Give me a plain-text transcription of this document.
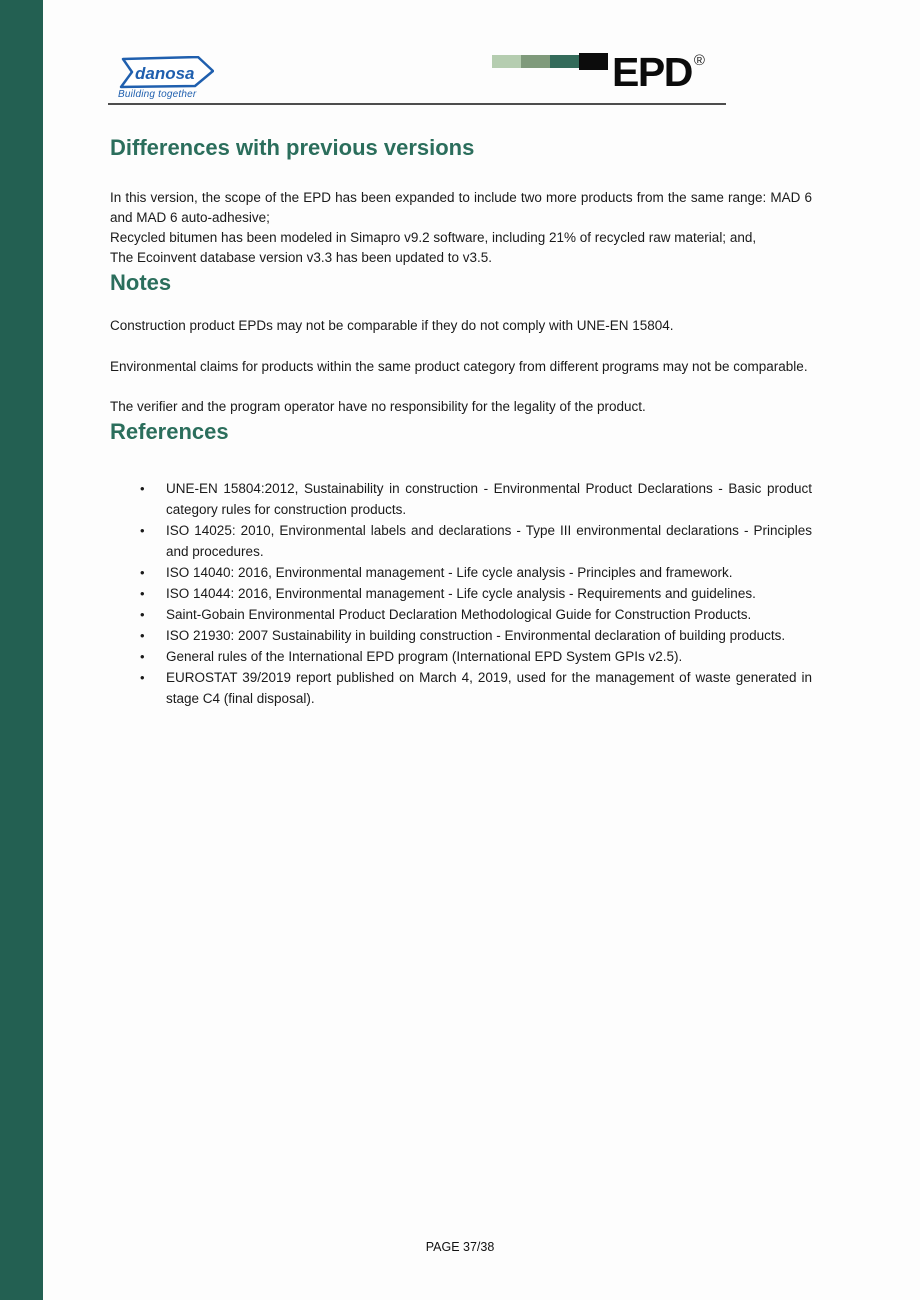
danosa
Building together	EPD ®
Differences with previous versions

In this version, the scope of the EPD has been expanded to include two more products from the same range: MAD 6 and MAD 6 auto-adhesive;

Recycled bitumen has been modeled in Simapro v9.2 software, including 21% of recycled raw material; and,

The Ecoinvent database version v3.3 has been updated to v3.5.

Notes

Construction product EPDs may not be comparable if they do not comply with UNE-EN 15804.

Environmental claims for products within the same product category from different programs may not be comparable.

The verifier and the program operator have no responsibility for the legality of the product.

References
• UNE-EN 15804:2012, Sustainability in construction - Environmental Product Declarations - Basic product category rules for construction products.
• ISO 14025: 2010, Environmental labels and declarations - Type III environmental declarations - Principles and procedures.
• ISO 14040: 2016, Environmental management - Life cycle analysis - Principles and framework.
• ISO 14044: 2016, Environmental management - Life cycle analysis - Requirements and guidelines.
• Saint-Gobain Environmental Product Declaration Methodological Guide for Construction Products.
• ISO 21930: 2007 Sustainability in building construction - Environmental declaration of building products.
• General rules of the International EPD program (International EPD System GPIs v2.5).
• EUROSTAT 39/2019 report published on March 4, 2019, used for the management of waste generated in stage C4 (final disposal).
PAGE 37/38
